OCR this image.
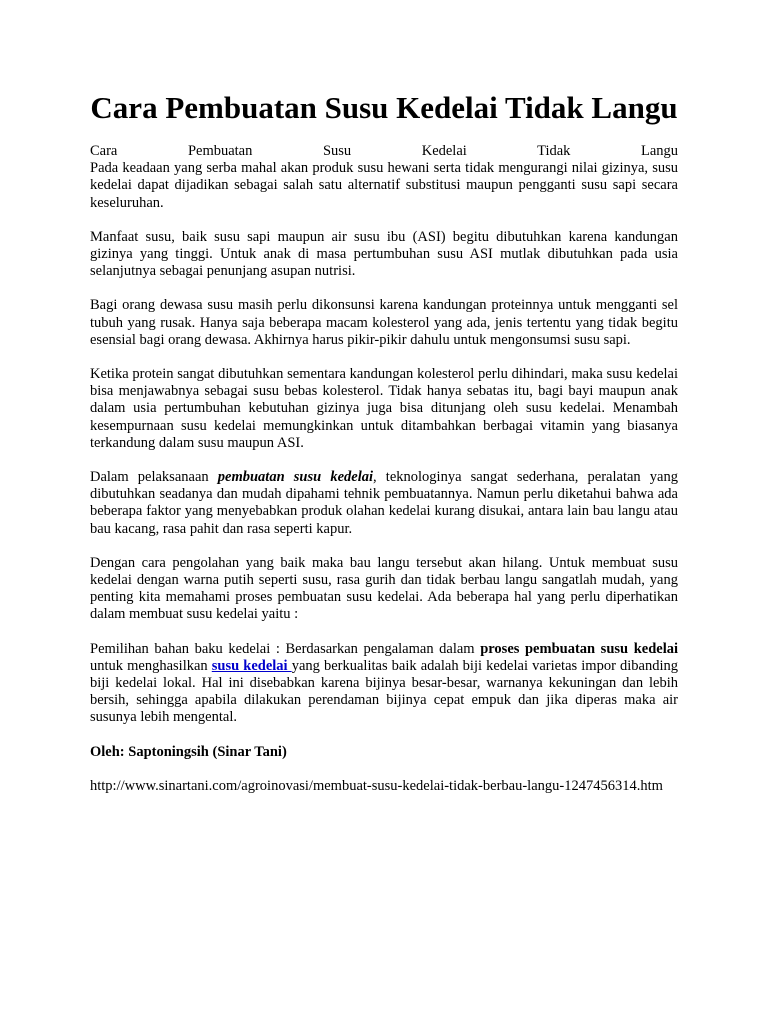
Cara Pembuatan Susu Kedelai Tidak Langu
Cara	Pembuatan	Susu	Kedelai	Tidak	Langu
Pada keadaan yang serba mahal akan produk susu hewani serta tidak mengurangi nilai gizinya, susu kedelai dapat dijadikan sebagai salah satu alternatif substitusi maupun pengganti susu sapi secara keseluruhan.

Manfaat susu, baik susu sapi maupun air susu ibu (ASI) begitu dibutuhkan karena kandungan gizinya yang tinggi. Untuk anak di masa pertumbuhan susu ASI mutlak dibutuhkan pada usia selanjutnya sebagai penunjang asupan nutrisi.

Bagi orang dewasa susu masih perlu dikonsunsi karena kandungan proteinnya untuk mengganti sel tubuh yang rusak. Hanya saja beberapa macam kolesterol yang ada, jenis tertentu yang tidak begitu esensial bagi orang dewasa. Akhirnya harus pikir-pikir dahulu untuk mengonsumsi susu sapi.

Ketika protein sangat dibutuhkan sementara kandungan kolesterol perlu dihindari, maka susu kedelai bisa menjawabnya sebagai susu bebas kolesterol. Tidak hanya sebatas itu, bagi bayi maupun anak dalam usia pertumbuhan kebutuhan gizinya juga bisa ditunjang oleh susu kedelai. Menambah kesempurnaan susu kedelai memungkinkan untuk ditambahkan berbagai vitamin yang biasanya terkandung dalam susu maupun ASI.

Dalam pelaksanaan pembuatan susu kedelai, teknologinya sangat sederhana, peralatan yang dibutuhkan seadanya dan mudah dipahami tehnik pembuatannya. Namun perlu diketahui bahwa ada beberapa faktor yang menyebabkan produk olahan kedelai kurang disukai, antara lain bau langu atau bau kacang, rasa pahit dan rasa seperti kapur.

Dengan cara pengolahan yang baik maka bau langu tersebut akan hilang. Untuk membuat susu kedelai dengan warna putih seperti susu, rasa gurih dan tidak berbau langu sangatlah mudah, yang penting kita memahami proses pembuatan susu kedelai. Ada beberapa hal yang perlu diperhatikan dalam membuat susu kedelai yaitu :

Pemilihan bahan baku kedelai : Berdasarkan pengalaman dalam proses pembuatan susu kedelai untuk menghasilkan susu kedelai yang berkualitas baik adalah biji kedelai varietas impor dibanding biji kedelai lokal. Hal ini disebabkan karena bijinya besar-besar, warnanya kekuningan dan lebih bersih, sehingga apabila dilakukan perendaman bijinya cepat empuk dan jika diperas maka air susunya lebih mengental.

Oleh: Saptoningsih (Sinar Tani)

http://www.sinartani.com/agroinovasi/membuat-susu-kedelai-tidak-berbau-langu-1247456314.htm
